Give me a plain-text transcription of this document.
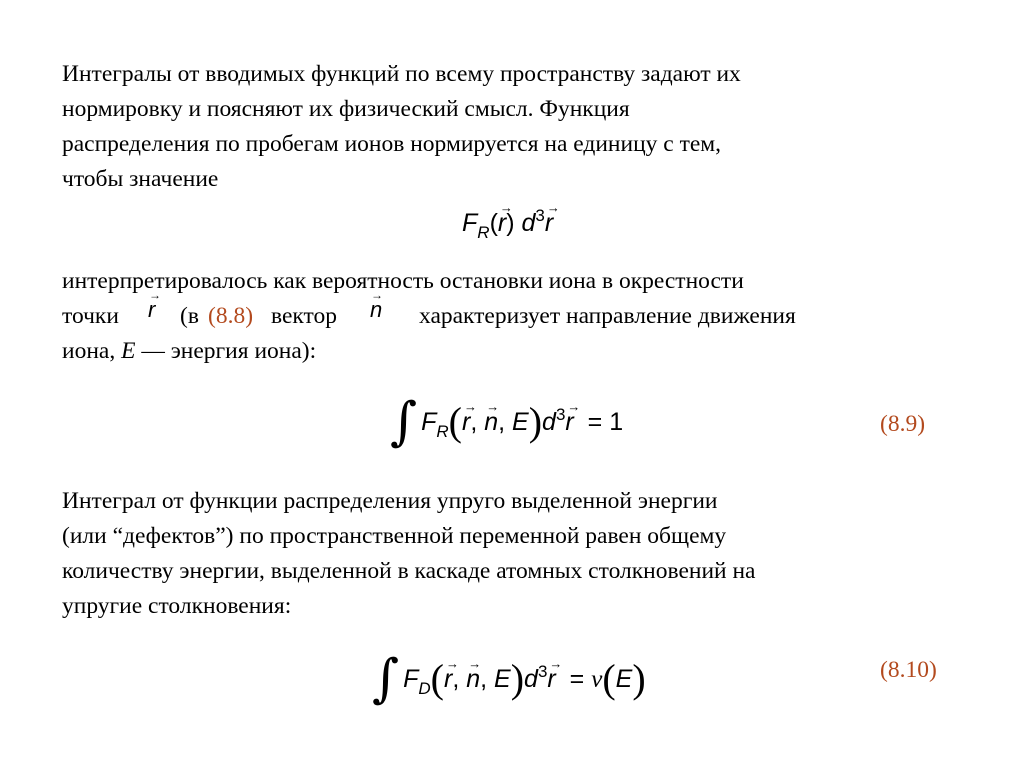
Интегралы от вводимых функций по всему пространству задают их
нормировку и поясняют их физический смысл. Функция
распределения по пробегам ионов нормируется на единицу с тем,
чтобы значение

$F_R(r$ →) $d^3r$ →
интерпретировалось как вероятность остановки иона в окрестности
точки r → (в (8.8) вектор n → характеризует направление движения
иона, E — энергия иона):
∫ $F_R(r$ →, n →, $E)d^3r$ → = 1	(8.9)

Интеграл от функции распределения упруго выделенной энергии
(или “дефектов”) по пространственной переменной равен общему
количеству энергии, выделенной в каскаде атомных столкновений на
упругие столкновения:

∫ $F_D(r$ →, n →, $E)d^3r$ → = ν(E)	(8.10)
